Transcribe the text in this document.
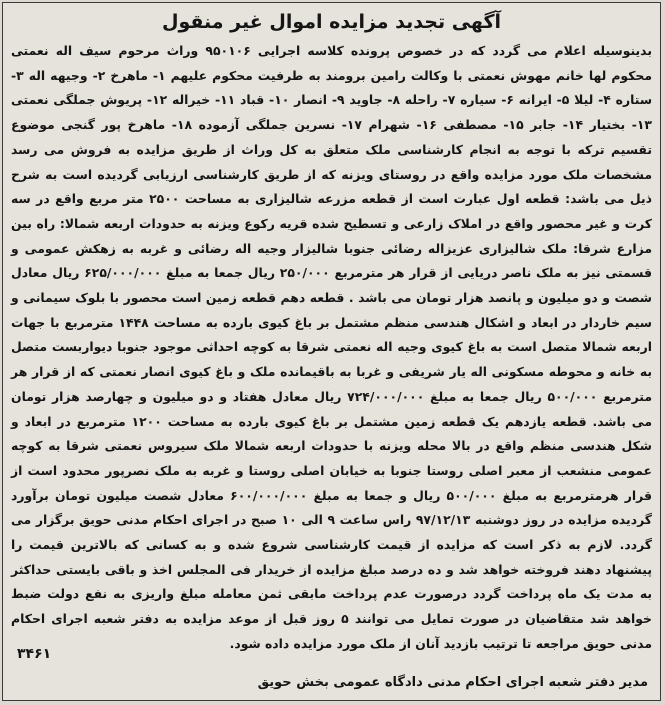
آگهی تجدید مزایده اموال غیر منقول

بدینوسیله اعلام می گردد که در خصوص پرونده کلاسه اجرایی ۹۵۰۱۰۶ وراث مرحوم سیف اله نعمتی محکوم لها خانم مهوش نعمتی با وکالت رامین برومند به طرفیت محکوم علیهم ۱- ماهرخ ۲- وجیهه اله ۳- ستاره ۴- لیلا ۵- ایرانه ۶- سیاره ۷- راحله ۸- جاوید ۹- انصار ۱۰- قباد ۱۱- خیراله ۱۲- پریوش جملگی نعمتی ۱۳- بختیار ۱۴- جابر ۱۵- مصطفی ۱۶- شهرام ۱۷- نسرین جملگی آزموده ۱۸- ماهرخ پور گنجی موضوع تقسیم ترکه با توجه به انجام کارشناسی ملک متعلق به کل وراث از طریق مزایده به فروش می رسد مشخصات ملک مورد مزایده واقع در روستای ویزنه که از طریق کارشناسی ارزیابی گردیده است به شرح ذیل می باشد: قطعه اول عبارت است از قطعه مزرعه شالیزاری به مساحت ۲۵۰۰ متر مربع واقع در سه کرت و غیر محصور واقع در املاک زارعی و تسطیح شده قریه رکوع ویزنه به حدودات اربعه شمالا: راه بین مزارع شرقا: ملک شالیزاری عزیزاله رضائی جنوبا شالیزار وجیه اله رضائی و غربه به زهکش عمومی و قسمتی نیز به ملک ناصر دریایی از قرار هر مترمربع ۲۵۰/۰۰۰ ریال جمعا به مبلغ ۶۲۵/۰۰۰/۰۰۰ ریال معادل شصت و دو میلیون و پانصد هزار تومان می باشد . قطعه دهم قطعه زمین است محصور با بلوک سیمانی و سیم خاردار در ابعاد و اشکال هندسی منظم مشتمل بر باغ کیوی بارده به مساحت ۱۴۴۸ مترمربع با جهات اربعه شمالا متصل است به باغ کیوی وجیه اله نعمتی شرقا به کوچه احداثی موجود جنوبا دیواربست متصل به خانه و محوطه مسکونی اله یار شریفی و غربا به باقیمانده ملک و باغ کیوی انصار نعمتی که از قرار هر مترمربع ۵۰۰/۰۰۰ ریال جمعا به مبلغ ۷۲۴/۰۰۰/۰۰۰ ریال معادل هفتاد و دو میلیون و چهارصد هزار تومان می باشد. قطعه یازدهم یک قطعه زمین مشتمل بر باغ کیوی بارده به مساحت ۱۲۰۰ مترمربع در ابعاد و شکل هندسی منظم واقع در بالا محله ویزنه با حدودات اربعه شمالا ملک سیروس نعمتی شرقا به کوچه عمومی منشعب از معبر اصلی روستا جنوبا به خیابان اصلی روستا و غربه به ملک نصرپور محدود است از قرار هرمترمربع به مبلغ ۵۰۰/۰۰۰ ریال و جمعا به مبلغ ۶۰۰/۰۰۰/۰۰۰ معادل شصت میلیون تومان برآورد گردیده مزایده در روز دوشنبه ۹۷/۱۲/۱۳ راس ساعت ۹ الی ۱۰ صبح در اجرای احکام مدنی حویق برگزار می گردد. لازم به ذکر است که مزایده از قیمت کارشناسی شروع شده و به کسانی که بالاترین قیمت را پیشنهاد دهند فروخته خواهد شد و ده درصد مبلغ مزایده از خریدار فی المجلس اخذ و باقی بایستی حداکثر به مدت یک ماه پرداخت گردد درصورت عدم پرداخت مابقی ثمن معامله مبلغ واریزی به نفع دولت ضبط خواهد شد متقاضیان در صورت تمایل می توانند ۵ روز قبل از موعد مزایده به دفتر شعبه اجرای احکام مدنی حویق مراجعه تا ترتیب بازدید آنان از ملک مورد مزایده داده شود.

۳۴۶۱
مدیر دفتر شعبه اجرای احکام مدنی دادگاه عمومی بخش حویق
